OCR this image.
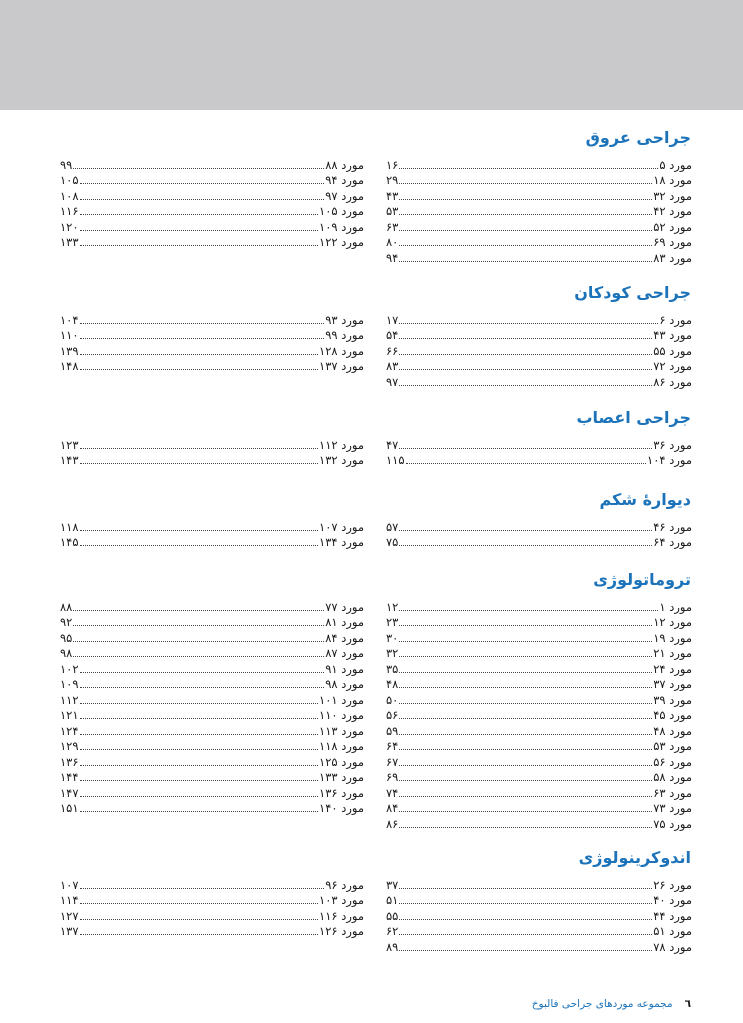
جراحی عروق
مورد ۵
۱۶
مورد ۱۸
۲۹
مورد ۳۲
۴۳
مورد ۴۲
۵۳
مورد ۵۲
۶۳
مورد ۶۹
۸۰
مورد ۸۳
۹۴
مورد ۸۸
۹۹
مورد ۹۴
۱۰۵
مورد ۹۷
۱۰۸
مورد ۱۰۵
۱۱۶
مورد ۱۰۹
۱۲۰
مورد ۱۲۲
۱۳۳
جراحی کودکان
مورد ۶
۱۷
مورد ۴۳
۵۴
مورد ۵۵
۶۶
مورد ۷۲
۸۳
مورد ۸۶
۹۷
مورد ۹۳
۱۰۴
مورد ۹۹
۱۱۰
مورد ۱۲۸
۱۳۹
مورد ۱۳۷
۱۴۸
جراحی اعصاب
مورد ۳۶
۴۷
مورد ۱۰۴
۱۱۵
مورد ۱۱۲
۱۲۳
مورد ۱۳۲
۱۴۳
دیوارهٔ شکم
مورد ۴۶
۵۷
مورد ۶۴
۷۵
مورد ۱۰۷
۱۱۸
مورد ۱۳۴
۱۴۵
تروماتولوژی
مورد ۱
۱۲
مورد ۱۲
۲۳
مورد ۱۹
۳۰
مورد ۲۱
۳۲
مورد ۲۴
۳۵
مورد ۳۷
۴۸
مورد ۳۹
۵۰
مورد ۴۵
۵۶
مورد ۴۸
۵۹
مورد ۵۳
۶۴
مورد ۵۶
۶۷
مورد ۵۸
۶۹
مورد ۶۳
۷۴
مورد ۷۳
۸۴
مورد ۷۵
۸۶
مورد ۷۷
۸۸
مورد ۸۱
۹۲
مورد ۸۴
۹۵
مورد ۸۷
۹۸
مورد ۹۱
۱۰۲
مورد ۹۸
۱۰۹
مورد ۱۰۱
۱۱۲
مورد ۱۱۰
۱۲۱
مورد ۱۱۳
۱۲۴
مورد ۱۱۸
۱۲۹
مورد ۱۲۵
۱۳۶
مورد ۱۳۳
۱۴۴
مورد ۱۳۶
۱۴۷
مورد ۱۴۰
۱۵۱
اندوکرینولوژی
مورد ۲۶
۳۷
مورد ۴۰
۵۱
مورد ۴۴
۵۵
مورد ۵۱
۶۲
مورد ۷۸
۸۹
مورد ۹۶
۱۰۷
مورد ۱۰۳
۱۱۴
مورد ۱۱۶
۱۲۷
مورد ۱۲۶
۱۳۷
٦مجموعه موردهای جراحی فالبوخ
